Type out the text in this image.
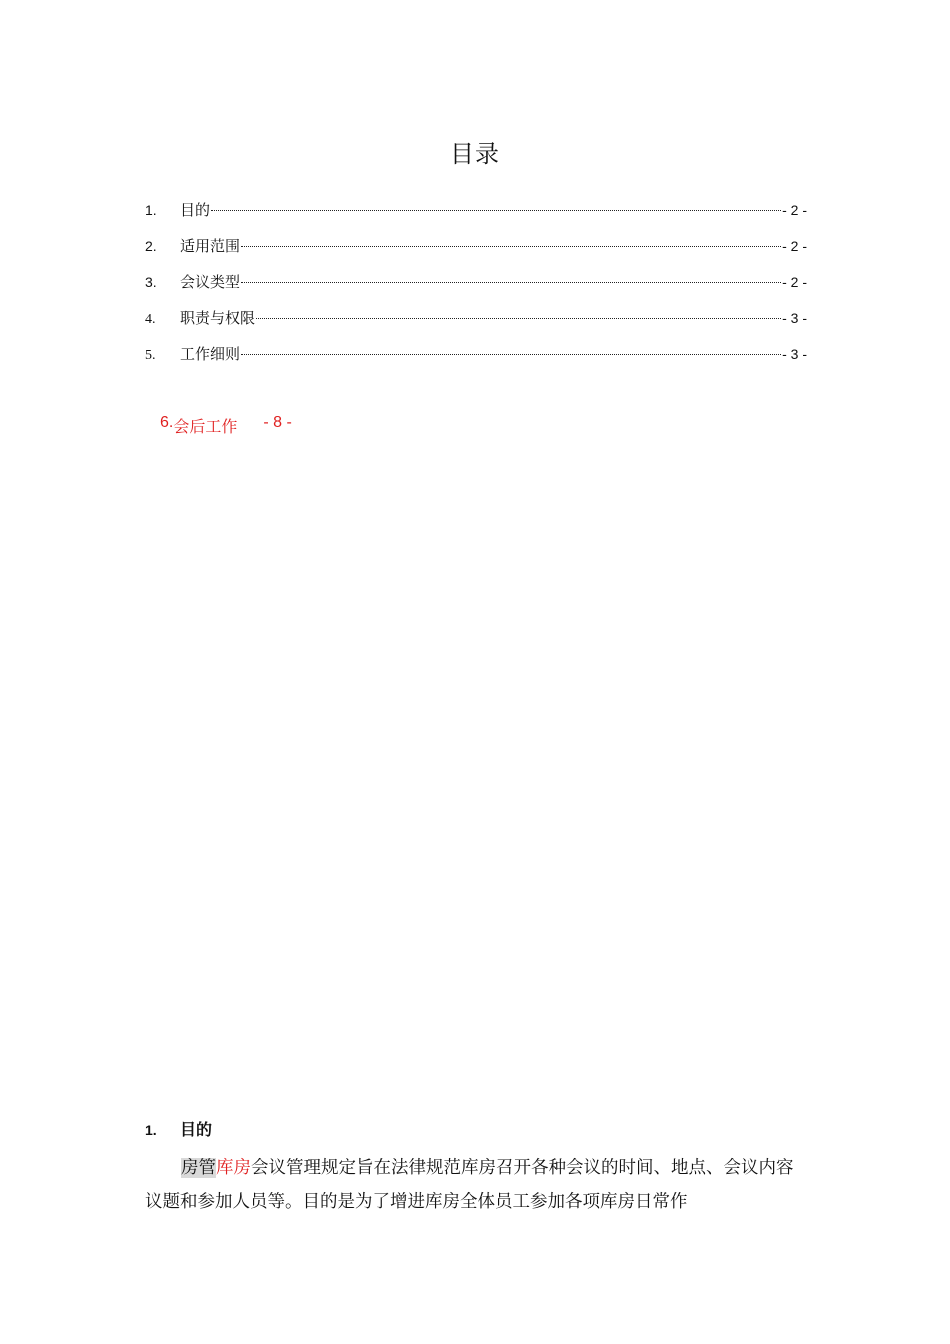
目录
1.	目的	- 2 -
2.	适用范围	- 2 -
3.	会议类型	- 2 -
4.	职责与权限	- 3 -
5.	工作细则	- 3 -
6. 会后工作 - 8 -
1.	目的
房管库房会议管理规定旨在法律规范库房召开各种会议的时间、地点、会议内容议题和参加人员等。目的是为了增进库房全体员工参加各项库房日常作
